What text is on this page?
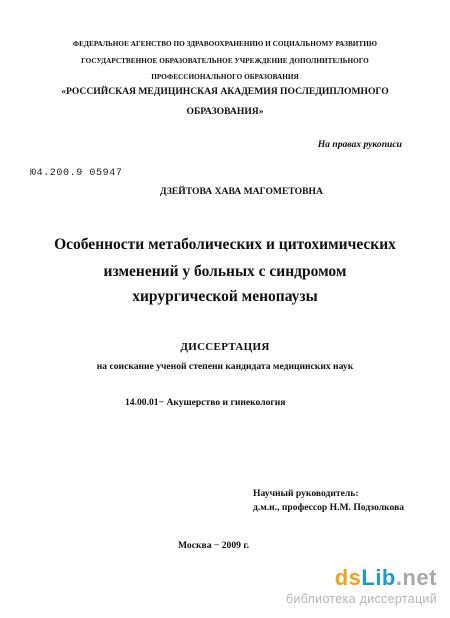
ФЕДЕРАЛЬНОЕ АГЕНСТВО ПО ЗДРАВООХРАНЕНИЮ И СОЦИАЛЬНОМУ РАЗВИТИЮ
ГОСУДАРСТВЕННОЕ ОБРАЗОВАТЕЛЬНОЕ УЧРЕЖДЕНИЕ ДОПОЛНИТЕЛЬНОГО
ПРОФЕССИОНАЛЬНОГО ОБРАЗОВАНИЯ
«РОССИЙСКАЯ МЕДИЦИНСКАЯ АКАДЕМИЯ ПОСЛЕДИПЛОМНОГО
ОБРАЗОВАНИЯ»
На правах рукописи
Ю4.200.9 05947
ДЗЕЙТОВА ХАВА МАГОМЕТОВНА
Особенности метаболических и цитохимических
изменений у больных с синдромом
хирургической менопаузы
ДИССЕРТАЦИЯ
на соискание ученой степени кандидата медицинских наук
14.00.01− Акушерство и гинекология
Научный руководитель:
д.м.н., профессор Н.М. Подзолкова
Москва − 2009 г.
dsLib.net
библиотека диссертаций
